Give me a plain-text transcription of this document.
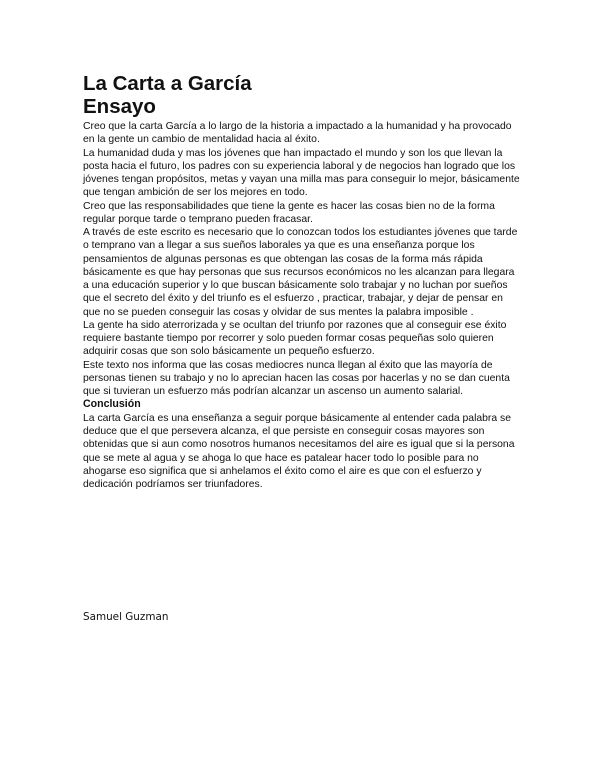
La Carta a García
Ensayo

Creo que la carta García a lo largo de la historia a impactado a la humanidad y ha provocado en la gente un cambio de mentalidad hacia al éxito.

La humanidad duda y mas los jóvenes que han impactado el mundo y son los que llevan la posta hacia el futuro, los padres con su experiencia laboral y de negocios han logrado que los jóvenes tengan propósitos, metas y vayan una milla mas para conseguir lo mejor, básicamente que tengan ambición de ser los mejores en todo.

Creo que las responsabilidades que tiene la gente es hacer las cosas bien no de la forma regular porque tarde o temprano pueden fracasar.

A través de este escrito es necesario que lo conozcan todos los estudiantes jóvenes que tarde o temprano van a llegar a sus sueños laborales ya que es una enseñanza porque los pensamientos de algunas personas es que obtengan las cosas de la forma más rápida básicamente es que hay personas que sus recursos económicos no les alcanzan para llegara a una educación superior y lo que buscan básicamente solo trabajar y no luchan por sueños que el secreto del éxito y del triunfo es el esfuerzo , practicar, trabajar, y dejar de pensar en que no se pueden conseguir las cosas y olvidar de sus mentes la palabra imposible .

La gente ha sido aterrorizada y se ocultan del triunfo por razones que al conseguir ese éxito requiere bastante tiempo por recorrer y solo pueden formar cosas pequeñas solo quieren adquirir cosas que son solo básicamente un pequeño esfuerzo.

Este texto nos informa que las cosas mediocres nunca llegan al éxito que las mayoría de personas tienen su trabajo y no lo aprecian hacen las cosas por hacerlas y no se dan cuenta que si tuvieran un esfuerzo más podrían alcanzar un ascenso un aumento salarial.

Conclusión

La carta García es una enseñanza a seguir porque básicamente al entender cada palabra se deduce que el que persevera alcanza, el que persiste en conseguir cosas mayores son obtenidas que si aun como nosotros humanos necesitamos del aire es igual que si la persona que se mete al agua y se ahoga lo que hace es patalear hacer todo lo posible para no ahogarse eso significa que si anhelamos el éxito como el aire es que con el esfuerzo y dedicación podríamos ser triunfadores.

Samuel Guzman
